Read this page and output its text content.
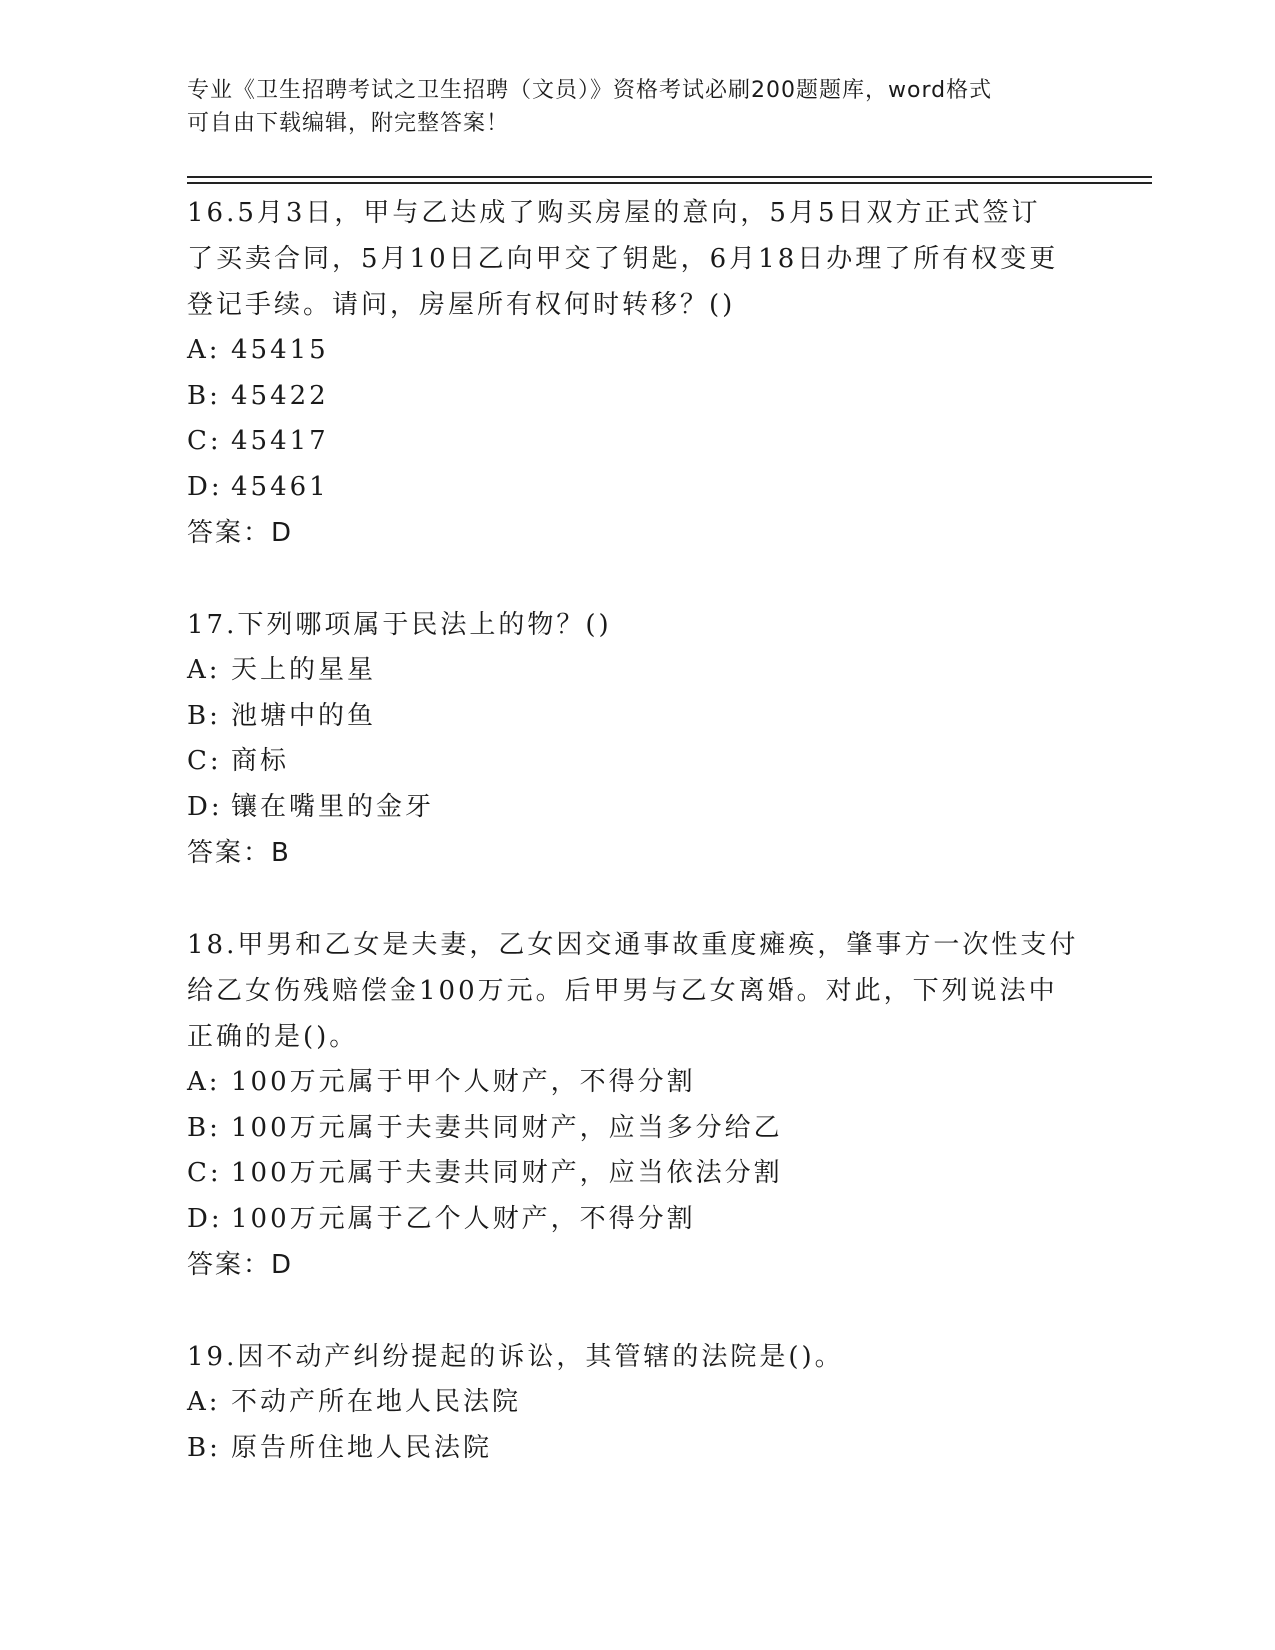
专业《卫生招聘考试之卫生招聘（文员）》资格考试必刷200题题库，word格式
可自由下载编辑，附完整答案！

16.5月3日，甲与乙达成了购买房屋的意向，5月5日双方正式签订

了买卖合同，5月10日乙向甲交了钥匙，6月18日办理了所有权变更

登记手续。请问，房屋所有权何时转移？()

A: 45415

B: 45422

C: 45417

D: 45461

答案：D

17.下列哪项属于民法上的物？()

A: 天上的星星

B: 池塘中的鱼

C: 商标

D: 镶在嘴里的金牙

答案：B

18.甲男和乙女是夫妻，乙女因交通事故重度瘫痪，肇事方一次性支付

给乙女伤残赔偿金100万元。后甲男与乙女离婚。对此，下列说法中

正确的是()。

A: 100万元属于甲个人财产，不得分割

B: 100万元属于夫妻共同财产，应当多分给乙

C: 100万元属于夫妻共同财产，应当依法分割

D: 100万元属于乙个人财产，不得分割

答案：D

19.因不动产纠纷提起的诉讼，其管辖的法院是()。

A: 不动产所在地人民法院

B: 原告所住地人民法院
